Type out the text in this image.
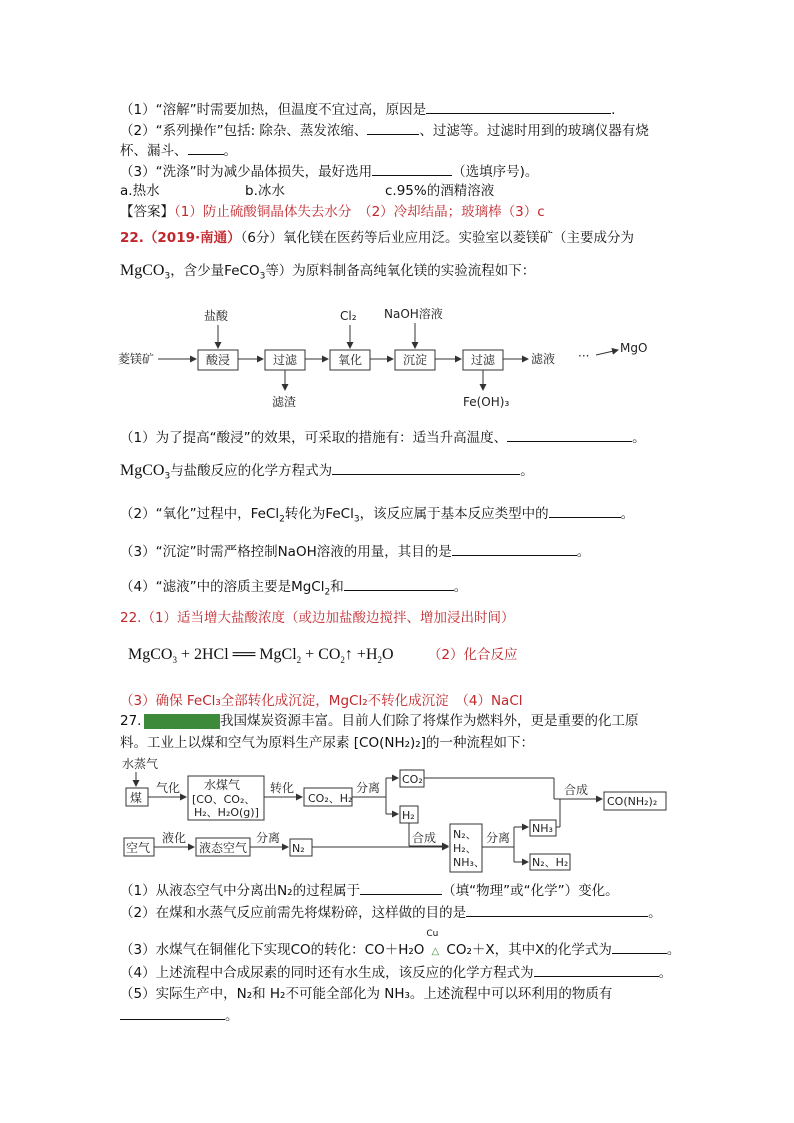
（1）“溶解”时需要加热，但温度不宜过高，原因是	.
（2）“系列操作”包括: 除杂、蒸发浓缩、	、过滤等。过滤时用到的玻璃仪器有烧
杯、漏斗、	。
（3）“洗涤”时为减少晶体损失，最好选用	（选填序号)。
a.热水	b.冰水	c.95%的酒精溶液
【答案】（1）防止硫酸铜晶体失去水分　（2）冷却结晶；玻璃棒（3）c
22.（2019·南通）（6分）氧化镁在医药等后业应用泛。实验室以菱镁矿（主要成分为
MgCO$_3$，含少量FeCO$_3$等）为原料制备高纯氧化镁的实验流程如下：
菱镁矿	酸浸
盐酸
过滤
滤渣
氧化
Cl₂
沉淀
NaOH溶液
过滤
Fe(OH)₃
滤液 ···
MgO
（1）为了提高“酸浸”的效果，可采取的措施有：适当升高温度、	。
MgCO$_3$与盐酸反应的化学方程式为	。
（2）“氧化”过程中，FeCl$_2$转化为FeCl$_3$，该反应属于基本反应类型中的	。
（3）“沉淀”时需严格控制NaOH溶液的用量，其目的是	。
（4）“滤液”中的溶质主要是MgCl$_2$和	。
22.（1）适当增大盐酸浓度（或边加盐酸边搅拌、增加浸出时间）
MgCO$_3$ + 2HCl ══ MgCl$_2$ + $CO_2↑ +H_2O$	（2）化合反应
（3）确保 FeCl₃全部转化成沉淀，MgCl₂不转化成沉淀　（4）NaCl
27. （2019·南通）我国煤炭资源丰富。目前人们除了将煤作为燃料外，更是重要的化工原
料。工业上以煤和空气为原料生产尿素 [CO(NH₂)₂]的一种流程如下：
水蒸气
煤
气化 水煤气
[CO、CO₂、
H₂、H₂O(g)]
转化
CO₂、H₂
分离
CO₂
H₂
合成
CO(NH₂)₂
空气
液化
液态空气
分离
N₂
合成 N₂、
H₂、
NH₃、
分离
NH₃
N₂、H₂
（1）从液态空气中分离出N₂的过程属于	（填“物理”或“化学”）变化。
（2）在煤和水蒸气反应前需先将煤粉碎，这样做的目的是	。
（3）水煤气在铜催化下实现CO的转化：CO＋H₂O
Cu
△ CO₂＋X，其中X的化学式为	。
（4）上述流程中合成尿素的同时还有水生成，该反应的化学方程式为	。
（5）实际生产中，N₂和 H₂不可能全部化为 NH₃。上述流程中可以环利用的物质有
。
